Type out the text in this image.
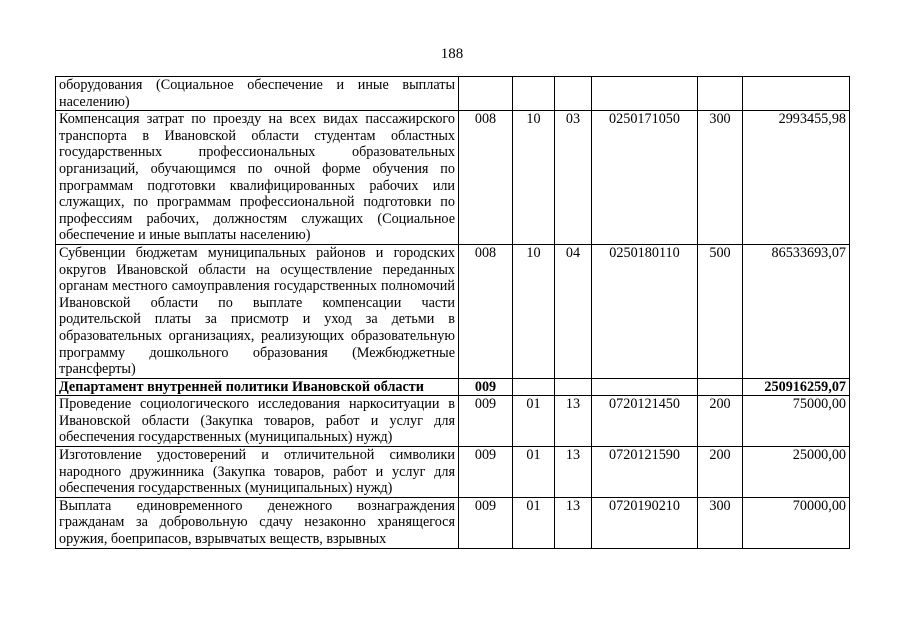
188
оборудования (Социальное обеспечение и иные выплаты населению)						
Компенсация затрат по проезду на всех видах пассажирского транспорта в Ивановской области студентам областных государственных профессиональных образовательных организаций, обучающимся по очной форме обучения по программам подготовки квалифицированных рабочих или служащих, по программам профессиональной подготовки по профессиям рабочих, должностям служащих (Социальное обеспечение и иные выплаты населению)	008	10	03	0250171050	300	2993455,98
Субвенции бюджетам муниципальных районов и городских округов Ивановской области на осуществление переданных органам местного самоуправления государственных полномочий Ивановской области по выплате компенсации части родительской платы за присмотр и уход за детьми в образовательных организациях, реализующих образовательную программу дошкольного образования (Межбюджетные трансферты)	008	10	04	0250180110	500	86533693,07
Департамент внутренней политики Ивановской области	009					250916259,07
Проведение социологического исследования наркоситуации в Ивановской области (Закупка товаров, работ и услуг для обеспечения государственных (муниципальных) нужд)	009	01	13	0720121450	200	75000,00
Изготовление удостоверений и отличительной символики народного дружинника (Закупка товаров, работ и услуг для обеспечения государственных (муниципальных) нужд)	009	01	13	0720121590	200	25000,00
Выплата единовременного денежного вознаграждения гражданам за добровольную сдачу незаконно хранящегося оружия, боеприпасов, взрывчатых веществ, взрывных	009	01	13	0720190210	300	70000,00
